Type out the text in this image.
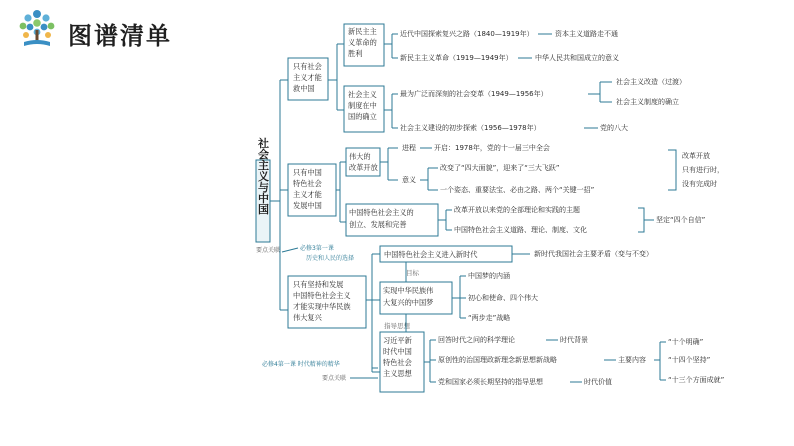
图谱清单
社会主义与中国
只有社会主义才能救中国
只有中国特色社会主义才能发展中国
只有坚持和发展中国特色社会主义才能实现中华民族伟大复兴
要点关联	必修3第一课
历史和人民的选择
新民主主义革命的胜利
社会主义制度在中国的确立
近代中国探索复兴之路（1840—1919年）	资本主义道路走不通
新民主主义革命（1919—1949年）	中华人民共和国成立的意义
最为广泛而深刻的社会变革（1949—1956年）
社会主义改造（过渡）
社会主义制度的确立
社会主义建设的初步探索（1956—1978年）	党的八大
伟大的改革开放
中国特色社会主义的创立、发展和完善
进程	开启：1978年，党的十一届三中全会
意义
改变了“四大面貌”，迎来了“三大飞跃”
一个姿态、重要法宝、必由之路、两个“关键一招”
改革开放
只有进行时，
没有完成时
改革开放以来党的全部理论和实践的主题
中国特色社会主义道路、理论、制度、文化
坚定“四个自信”
中国特色社会主义进入新时代	新时代我国社会主要矛盾（变与不变）
目标
实现中华民族伟大复兴的中国梦
中国梦的内涵
初心和使命、四个伟大
“两步走”战略
指导思想
习近平新时代中国特色社会主义思想
回答时代之问的科学理论	时代背景
原创性的治国理政新理念新思想新战略	主要内容
党和国家必须长期坚持的指导思想	时代价值
“十个明确”
“十四个坚持”
“十三个方面成就”
必修4第一课 时代精神的精华
要点关联
